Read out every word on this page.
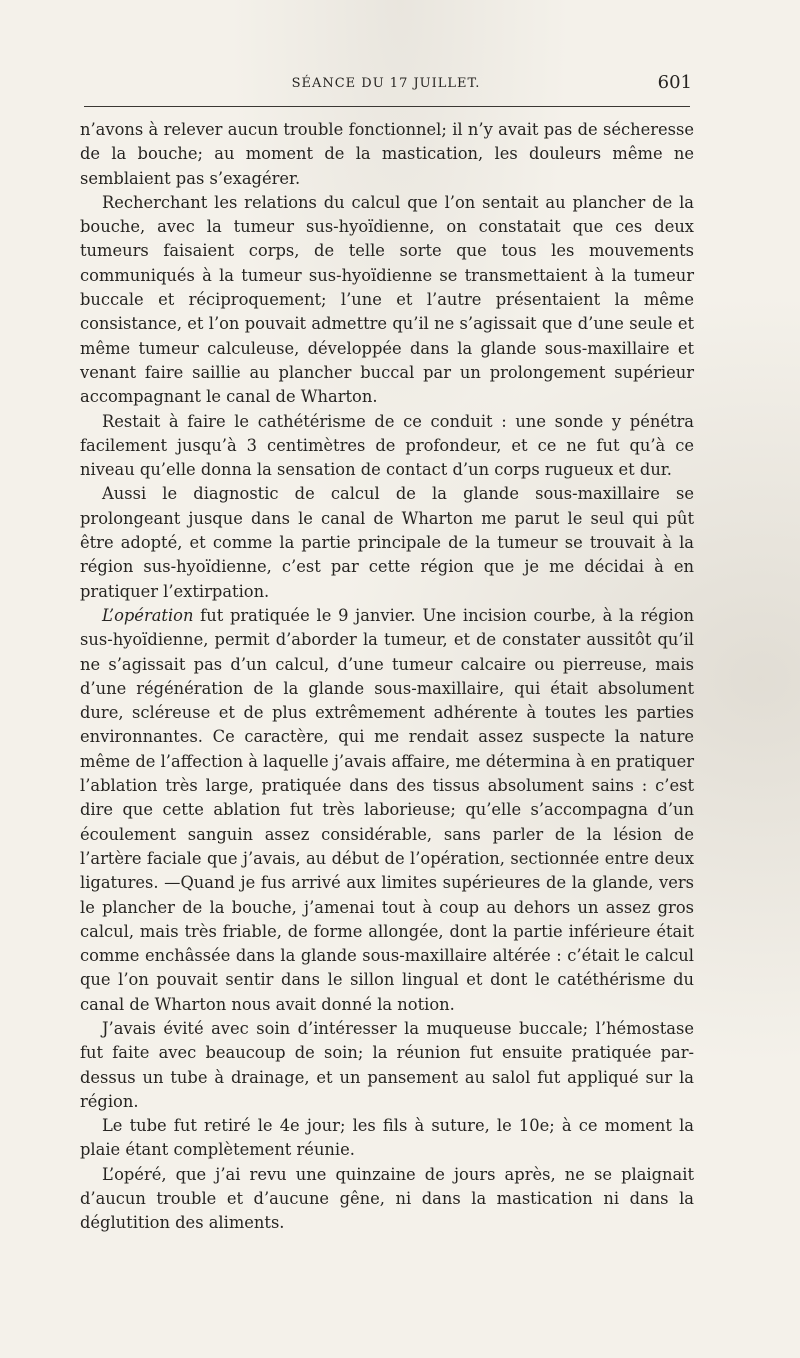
SÉANCE DU 17 JUILLET.	601

n’avons à relever aucun trouble fonctionnel; il n’y avait pas de sécheresse de la bouche; au moment de la mastication, les douleurs même ne semblaient pas s’exagérer.

Recherchant les relations du calcul que l’on sentait au plancher de la bouche, avec la tumeur sus-hyoïdienne, on constatait que ces deux tumeurs faisaient corps, de telle sorte que tous les mouvements communiqués à la tumeur sus-hyoïdienne se transmettaient à la tumeur buccale et réciproquement; l’une et l’autre présentaient la même consistance, et l’on pouvait admettre qu’il ne s’agissait que d’une seule et même tumeur calculeuse, développée dans la glande sous-maxillaire et venant faire saillie au plancher buccal par un prolongement supérieur accompagnant le canal de Wharton.

Restait à faire le cathétérisme de ce conduit : une sonde y pénétra facilement jusqu’à 3 centimètres de profondeur, et ce ne fut qu’à ce niveau qu’elle donna la sensation de contact d’un corps rugueux et dur.

Aussi le diagnostic de calcul de la glande sous-maxillaire se prolongeant jusque dans le canal de Wharton me parut le seul qui pût être adopté, et comme la partie principale de la tumeur se trouvait à la région sus-hyoïdienne, c’est par cette région que je me décidai à en pratiquer l’extirpation.

L’opération fut pratiquée le 9 janvier. Une incision courbe, à la région sus-hyoïdienne, permit d’aborder la tumeur, et de constater aussitôt qu’il ne s’agissait pas d’un calcul, d’une tumeur calcaire ou pierreuse, mais d’une régénération de la glande sous-maxillaire, qui était absolument dure, scléreuse et de plus extrêmement adhérente à toutes les parties environnantes. Ce caractère, qui me rendait assez suspecte la nature même de l’affection à laquelle j’avais affaire, me détermina à en pratiquer l’ablation très large, pratiquée dans des tissus absolument sains : c’est dire que cette ablation fut très laborieuse; qu’elle s’accompagna d’un écoulement sanguin assez considérable, sans parler de la lésion de l’artère faciale que j’avais, au début de l’opération, sectionnée entre deux ligatures. —Quand je fus arrivé aux limites supérieures de la glande, vers le plancher de la bouche, j’amenai tout à coup au dehors un assez gros calcul, mais très friable, de forme allongée, dont la partie inférieure était comme enchâssée dans la glande sous-maxillaire altérée : c’était le calcul que l’on pouvait sentir dans le sillon lingual et dont le catéthérisme du canal de Wharton nous avait donné la notion.

J’avais évité avec soin d’intéresser la muqueuse buccale; l’hémostase fut faite avec beaucoup de soin; la réunion fut ensuite pratiquée par-dessus un tube à drainage, et un pansement au salol fut appliqué sur la région.

Le tube fut retiré le 4e jour; les fils à suture, le 10e; à ce moment la plaie étant complètement réunie.

L’opéré, que j’ai revu une quinzaine de jours après, ne se plaignait d’aucun trouble et d’aucune gêne, ni dans la mastication ni dans la déglutition des aliments.
